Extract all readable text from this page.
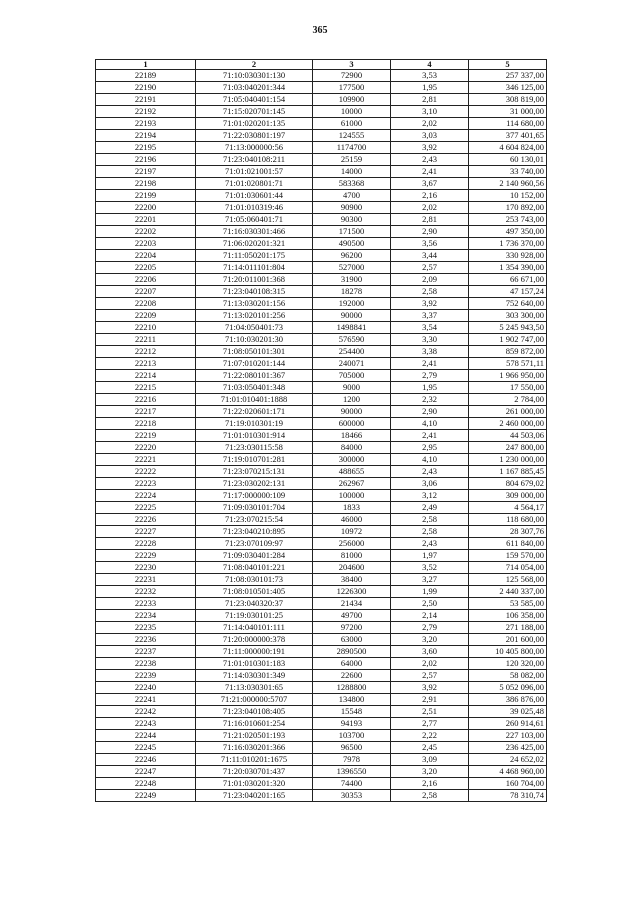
365
1	2	3	4	5
22189	71:10:030301:130	72900	3,53	257 337,00
22190	71:03:040201:344	177500	1,95	346 125,00
22191	71:05:040401:154	109900	2,81	308 819,00
22192	71:15:020701:145	10000	3,10	31 000,00
22193	71:01:020201:135	61000	2,02	114 680,00
22194	71:22:030801:197	124555	3,03	377 401,65
22195	71:13:000000:56	1174700	3,92	4 604 824,00
22196	71:23:040108:211	25159	2,43	60 130,01
22197	71:01:021001:57	14000	2,41	33 740,00
22198	71:01:020801:71	583368	3,67	2 140 960,56
22199	71:01:030601:44	4700	2,16	10 152,00
22200	71:01:010319:46	90900	2,02	170 892,00
22201	71:05:060401:71	90300	2,81	253 743,00
22202	71:16:030301:466	171500	2,90	497 350,00
22203	71:06:020201:321	490500	3,56	1 736 370,00
22204	71:11:050201:175	96200	3,44	330 928,00
22205	71:14:011101:804	527000	2,57	1 354 390,00
22206	71:20:011001:368	31900	2,09	66 671,00
22207	71:23:040108:315	18278	2,58	47 157,24
22208	71:13:030201:156	192000	3,92	752 640,00
22209	71:13:020101:256	90000	3,37	303 300,00
22210	71:04:050401:73	1498841	3,54	5 245 943,50
22211	71:10:030201:30	576590	3,30	1 902 747,00
22212	71:08:050101:301	254400	3,38	859 872,00
22213	71:07:010201:144	240071	2,41	578 571,11
22214	71:22:080101:367	705000	2,79	1 966 950,00
22215	71:03:050401:348	9000	1,95	17 550,00
22216	71:01:010401:1888	1200	2,32	2 784,00
22217	71:22:020601:171	90000	2,90	261 000,00
22218	71:19:010301:19	600000	4,10	2 460 000,00
22219	71:01:010301:914	18466	2,41	44 503,06
22220	71:23:030115:58	84000	2,95	247 800,00
22221	71:19:010701:281	300000	4,10	1 230 000,00
22222	71:23:070215:131	488655	2,43	1 167 885,45
22223	71:23:030202:131	262967	3,06	804 679,02
22224	71:17:000000:109	100000	3,12	309 000,00
22225	71:09:030101:704	1833	2,49	4 564,17
22226	71:23:070215:54	46000	2,58	118 680,00
22227	71:23:040210:895	10972	2,58	28 307,76
22228	71:23:070109:97	256000	2,43	611 840,00
22229	71:09:030401:284	81000	1,97	159 570,00
22230	71:08:040101:221	204600	3,52	714 054,00
22231	71:08:030101:73	38400	3,27	125 568,00
22232	71:08:010501:405	1226300	1,99	2 440 337,00
22233	71:23:040320:37	21434	2,50	53 585,00
22234	71:19:030101:25	49700	2,14	106 358,00
22235	71:14:040101:111	97200	2,79	271 188,00
22236	71:20:000000:378	63000	3,20	201 600,00
22237	71:11:000000:191	2890500	3,60	10 405 800,00
22238	71:01:010301:183	64000	2,02	120 320,00
22239	71:14:030301:349	22600	2,57	58 082,00
22240	71:13:030301:65	1288800	3,92	5 052 096,00
22241	71:21:000000:5707	134800	2,91	386 876,00
22242	71:23:040108:405	15548	2,51	39 025,48
22243	71:16:010601:254	94193	2,77	260 914,61
22244	71:21:020501:193	103700	2,22	227 103,00
22245	71:16:030201:366	96500	2,45	236 425,00
22246	71:11:010201:1675	7978	3,09	24 652,02
22247	71:20:030701:437	1396550	3,20	4 468 960,00
22248	71:01:030201:320	74400	2,16	160 704,00
22249	71:23:040201:165	30353	2,58	78 310,74
